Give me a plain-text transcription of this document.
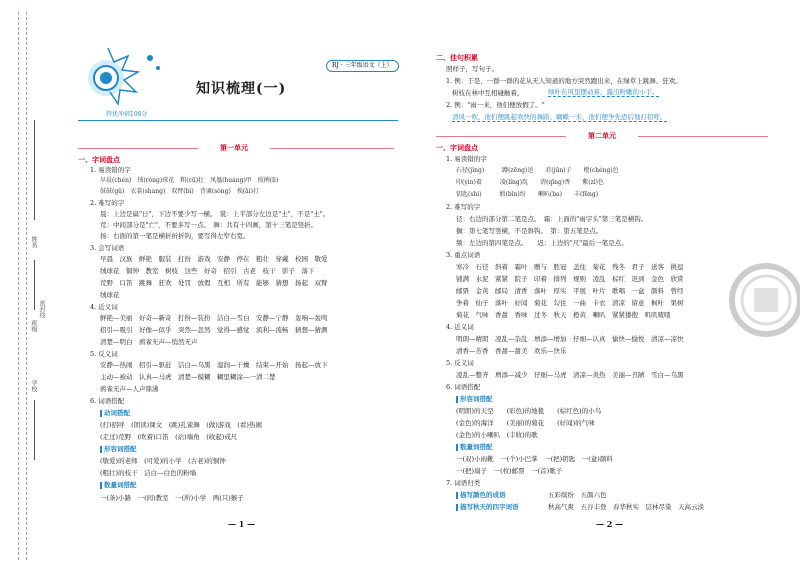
姓名
班级
学校
密封线
RJ · 三年级语文（上）
知识梳理(一)
特优冲刺100分
第一单元
一、字词盘点
1. 易读错的字
早晨(chén)　绒(róng)球花　粗(cū)壮　凤凰(huáng)甲　照例(lì)
鼓鼓(gǔ)　衣裳(shang)　双臂(bì)　背诵(sòng)　挨(āi)打
2. 难写的字
晨：上边是扁"日"，下边不要少写一横。　裳：上半部分左边是"土"，不是"土"。
荒：中间部分是"亡"，不要多写一点。　舞：共有十四画，第十三笔是竖折。
扬：右面的第一笔是横折折折钩，要写得左窄右宽。
3. 会写词语
早晨　汉族　鲜艳　服装　打扮　游戏　安静　停在　粗壮　穿戴　校园　敬爱
绒球花　铜钟　教室　树枝　这些　好奇　招引　古老　枝干　影子　落下
荒野　口笛　跳舞　狂欢　处罚　放假　互相　所有　能够　猜想　扬起　双臂
绒球花
4. 近义词
鲜艳—美丽　好奇—新奇　打扮—装扮　洁白—雪白　安静—宁静　轰响—轰鸣
招引—吸引　好像—似乎　突然—忽然　觉得—感觉　流利—流畅　猜想—猜测
清楚—明白　鸦雀无声—悄然无声
5. 反义词
安静—热闹　招引—驱赶　洁白—乌黑　湿润—干燥　结束—开始　扬起—放下
主动—被动　认真—马虎　清楚—模糊　糊里糊涂—一清二楚
鸦雀无声—人声鼎沸
6. 词语搭配
动词搭配
(打)招呼　(朗读)课文　(跳)孔雀舞　(做)游戏　(看)热闹
(走过)荒野　(吹着)口笛　(站)墙角　(收起)戒尺
形容词搭配
(敬爱)的老师　(可爱)的小学　(古老)的铜钟
(粗壮)的枝干　洁白—白色的粉墙
数量词搭配
一(条)小路　一(间)教室　一(所)小学　两(只)猴子
— 1 —
二、佳句积累
照样子，写句子。
1. 例：于是，一群一群的花从无人知道的地方突然跑出来，在绿草上跳舞、狂欢。
树枝在林中互相碰触着，	绿叶在风里摆动着，露出粉嫩的小手。
2. 例："雨一来，他们便放假了。"
清风一吹，他们便跳起欢快的舞蹈；蝴蝶一来，他们便争先恐后地打招呼。
第二单元
一、字词盘点
1. 易读错的字
石径(jìng)　　　蹲(zēng)送　　君(jūn)子　　橙(chéng)色
印(yìn)着　　　凌(líng)乱　　清(qīng)香　　紫(zǐ)色
钥匙(shi)　　　煅(bīn)纷　　喇叭(ba)　　丰(fēng)
2. 难写的字
径：右边的部分第二笔是点。　霜：上面的"雨字头"第三笔是横钩。
搁：第七笔写竖横，不是斜钩。　第：第五笔是点。
频：左边的第四笔是点。　　迟：上边的"尺"最后一笔是点。
3. 重点词语
寒冷　石径　斜着　霜叶　赠与　胜冠　盖住　菊花　残冬　君子　送客　挑逗
铺满　水泥　紧紧　院子　印着　排列　规则　凌乱　棕红　迟到　金色　欣赏
邮票　金黄　邮局　清香　落叶　厚实　平展　叶片　歌唱　一盒　颜料　曾经
争着　仙子　落叶　好闻　菊花　勾住　一曲　卡衣　清凉　留意　枫叶　果树
菊花　气味　香甜　香味　过冬　秋天　橙黄　喇叭　紧紧搂抱　叽叽喳喳
4. 近义词
明朗—晴朗　凌乱—杂乱　增添—增加　仔细—认真　愉快—愉悦　清凉—凉快
清香—芳香　香甜—甜美　欢乐—快乐
5. 反义词
凌乱—整齐　增添—减少　仔细—马虎　清凉—炎热　美丽—丑陋　雪白—乌黑
6. 词语搭配
形容词搭配
(明朗)的天空　　(彩色)的地毯　　(棕红色)的小鸟
(金色)的海洋　　(美丽)的菊花　　(好闻)的气味
(金色)的小喇叭　(丰收)的歌
数量词搭配
一(双)小雨靴　一(个)小巴掌　一(把)钥匙　一(盒)颜料
一(把)扇子　一(枚)邮票　一(首)歌子
7. 词语归类
描写颜色的成语	五彩缤纷　五颜六色
描写秋天的四字词语	秋高气爽　五谷丰登　春华秋实　层林尽染　天高云淡
— 2 —
